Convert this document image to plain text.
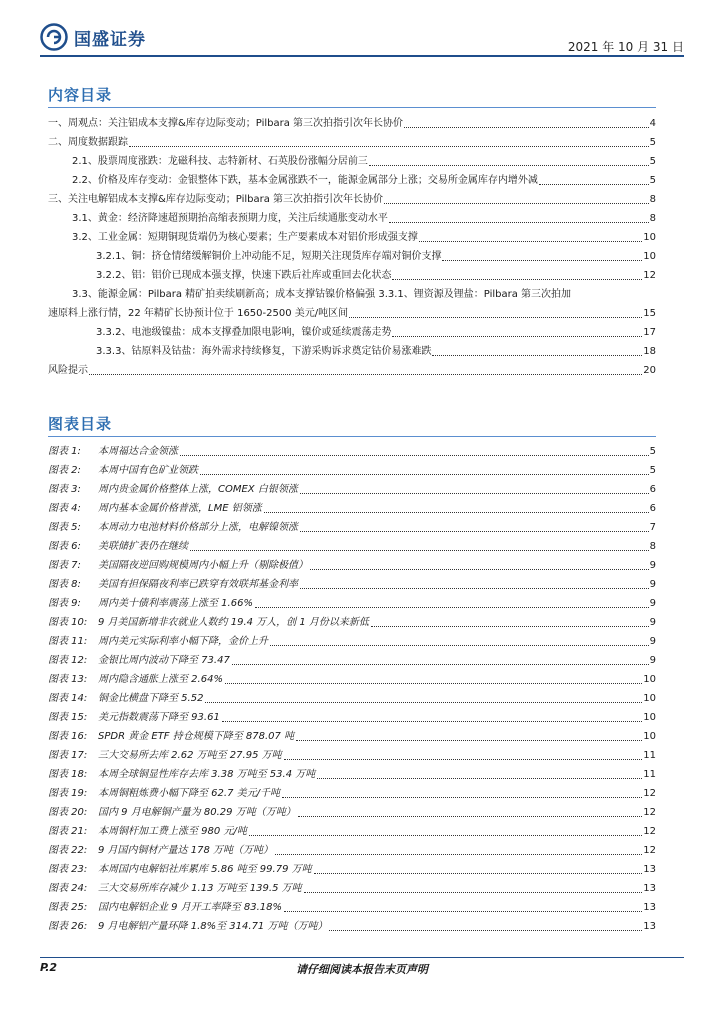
国盛证券	2021 年 10 月 31 日
内容目录
一、周观点：关注铝成本支撑&库存边际变动；Pilbara 第三次拍指引次年长协价	4
二、周度数据跟踪	5
2.1、股票周度涨跌：龙磁科技、志特新材、石英股份涨幅分居前三	5
2.2、价格及库存变动：金银整体下跌，基本金属涨跌不一，能源金属部分上涨；交易所金属库存内增外减	5
三、关注电解铝成本支撑&库存边际变动；Pilbara 第三次拍指引次年长协价	8
3.1、黄金：经济降速超预期抬高缩表预期力度，关注后续通胀变动水平	8
3.2、工业金属：短期铜现货端仍为核心要素；生产要素成本对铝价形成强支撑	10
3.2.1、铜：挤仓情绪缓解铜价上冲动能不足，短期关注现货库存端对铜价支撑	10
3.2.2、铝：铝价已现成本强支撑，快速下跌后社库或重回去化状态	12
3.3、能源金属：Pilbara 精矿拍卖续刷新高；成本支撑钴镍价格偏强 3.3.1、锂资源及锂盐：Pilbara 第三次拍加
速原料上涨行情，22 年精矿长协预计位于 1650-2500 美元/吨区间	15
3.3.2、电池级镍盐：成本支撑叠加限电影响，镍价或延续震荡走势	17
3.3.3、钴原料及钴盐：海外需求持续修复，下游采购诉求奠定钴价易涨难跌	18
风险提示	20
图表目录
图表 1:	本周福达合金领涨	5
图表 2:	本周中国有色矿业领跌	5
图表 3:	周内贵金属价格整体上涨，COMEX 白银领涨	6
图表 4:	周内基本金属价格普涨，LME 铝领涨	6
图表 5:	本周动力电池材料价格部分上涨，电解镍领涨	7
图表 6:	美联储扩表仍在继续	8
图表 7:	美国隔夜逆回购规模周内小幅上升（剔除极值）	9
图表 8:	美国有担保隔夜利率已跌穿有效联邦基金利率	9
图表 9:	周内美十债利率震荡上涨至 1.66%	9
图表 10:	9 月美国新增非农就业人数约 19.4 万人，创 1 月份以来新低	9
图表 11:	周内美元实际利率小幅下降，金价上升	9
图表 12:	金银比周内波动下降至 73.47	9
图表 13:	周内隐含通胀上涨至 2.64%	10
图表 14:	铜金比横盘下降至 5.52	10
图表 15:	美元指数震荡下降至 93.61	10
图表 16:	SPDR 黄金 ETF 持仓规模下降至 878.07 吨	10
图表 17:	三大交易所去库 2.62 万吨至 27.95 万吨	11
图表 18:	本周全球铜显性库存去库 3.38 万吨至 53.4 万吨	11
图表 19:	本周铜粗炼费小幅下降至 62.7 美元/千吨	12
图表 20:	国内 9 月电解铜产量为 80.29 万吨（万吨）	12
图表 21:	本周铜杆加工费上涨至 980 元/吨	12
图表 22:	9 月国内铜材产量达 178 万吨（万吨）	12
图表 23:	本周国内电解铝社库累库 5.86 吨至 99.79 万吨	13
图表 24:	三大交易所库存减少 1.13 万吨至 139.5 万吨	13
图表 25:	国内电解铝企业 9 月开工率降至 83.18%	13
图表 26:	9 月电解铝产量环降 1.8%至 314.71 万吨（万吨）	13
P.2	请仔细阅读本报告末页声明
